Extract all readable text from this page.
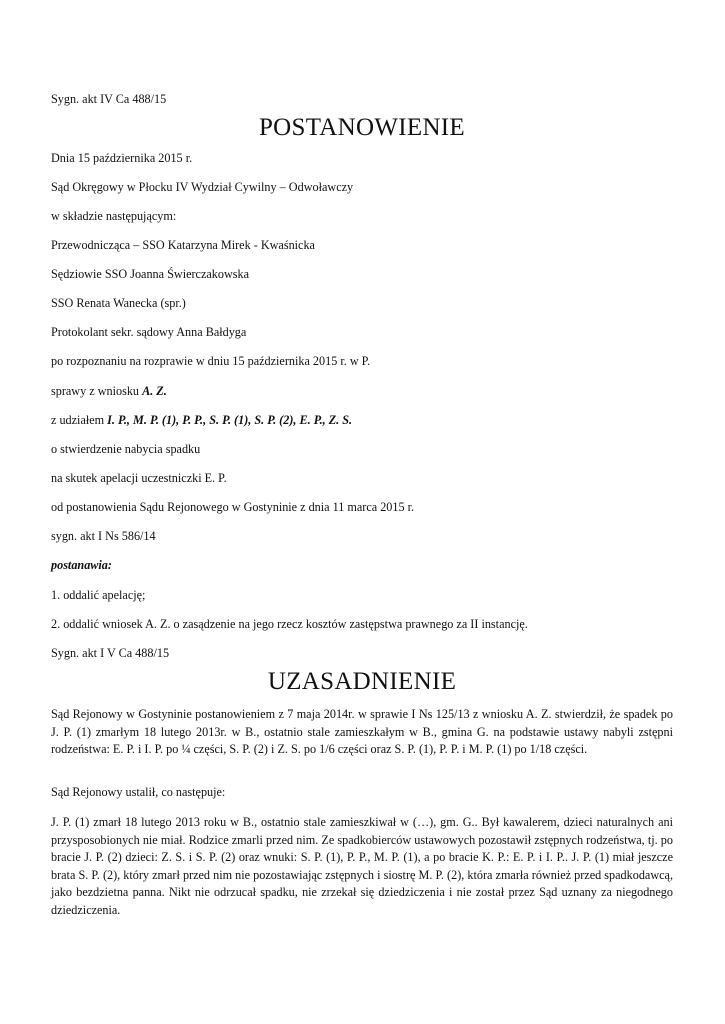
Sygn. akt IV Ca 488/15
POSTANOWIENIE
Dnia 15 października 2015 r.
Sąd Okręgowy w Płocku IV Wydział Cywilny – Odwoławczy
w składzie następującym:
Przewodnicząca – SSO Katarzyna Mirek - Kwaśnicka
Sędziowie SSO Joanna Świerczakowska
SSO Renata Wanecka (spr.)
Protokolant sekr. sądowy Anna Bałdyga
po rozpoznaniu na rozprawie w dniu 15 października 2015 r. w P.
sprawy z wniosku A. Z.
z udziałem I. P., M. P. (1), P. P., S. P. (1), S. P. (2), E. P., Z. S.
o stwierdzenie nabycia spadku
na skutek apelacji uczestniczki E. P.
od postanowienia Sądu Rejonowego w Gostyninie z dnia 11 marca 2015 r.
sygn. akt I Ns 586/14
postanawia:
1. oddalić apelację;
2. oddalić wniosek A. Z. o zasądzenie na jego rzecz kosztów zastępstwa prawnego za II instancję.
Sygn. akt I V Ca 488/15
UZASADNIENIE
Sąd Rejonowy w Gostyninie postanowieniem z 7 maja 2014r. w sprawie I Ns 125/13 z wniosku A. Z. stwierdził, że spadek po J. P. (1) zmarłym 18 lutego 2013r. w B., ostatnio stale zamieszkałym w B., gmina G. na podstawie ustawy nabyli zstępni rodzeństwa: E. P. i I. P. po ¼ części, S. P. (2) i Z. S. po 1/6 części oraz S. P. (1), P. P. i M. P. (1) po 1/18 części.
Sąd Rejonowy ustalił, co następuje:
J. P. (1) zmarł 18 lutego 2013 roku w B., ostatnio stale zamieszkiwał w (…), gm. G.. Był kawalerem, dzieci naturalnych ani przysposobionych nie miał. Rodzice zmarli przed nim. Ze spadkobierców ustawowych pozostawił zstępnych rodzeństwa, tj. po bracie J. P. (2) dzieci: Z. S. i S. P. (2) oraz wnuki: S. P. (1), P. P., M. P. (1), a po bracie K. P.: E. P. i I. P.. J. P. (1) miał jeszcze brata S. P. (2), który zmarł przed nim nie pozostawiając zstępnych i siostrę M. P. (2), która zmarła również przed spadkodawcą, jako bezdzietna panna. Nikt nie odrzucał spadku, nie zrzekał się dziedziczenia i nie został przez Sąd uznany za niegodnego dziedziczenia.
